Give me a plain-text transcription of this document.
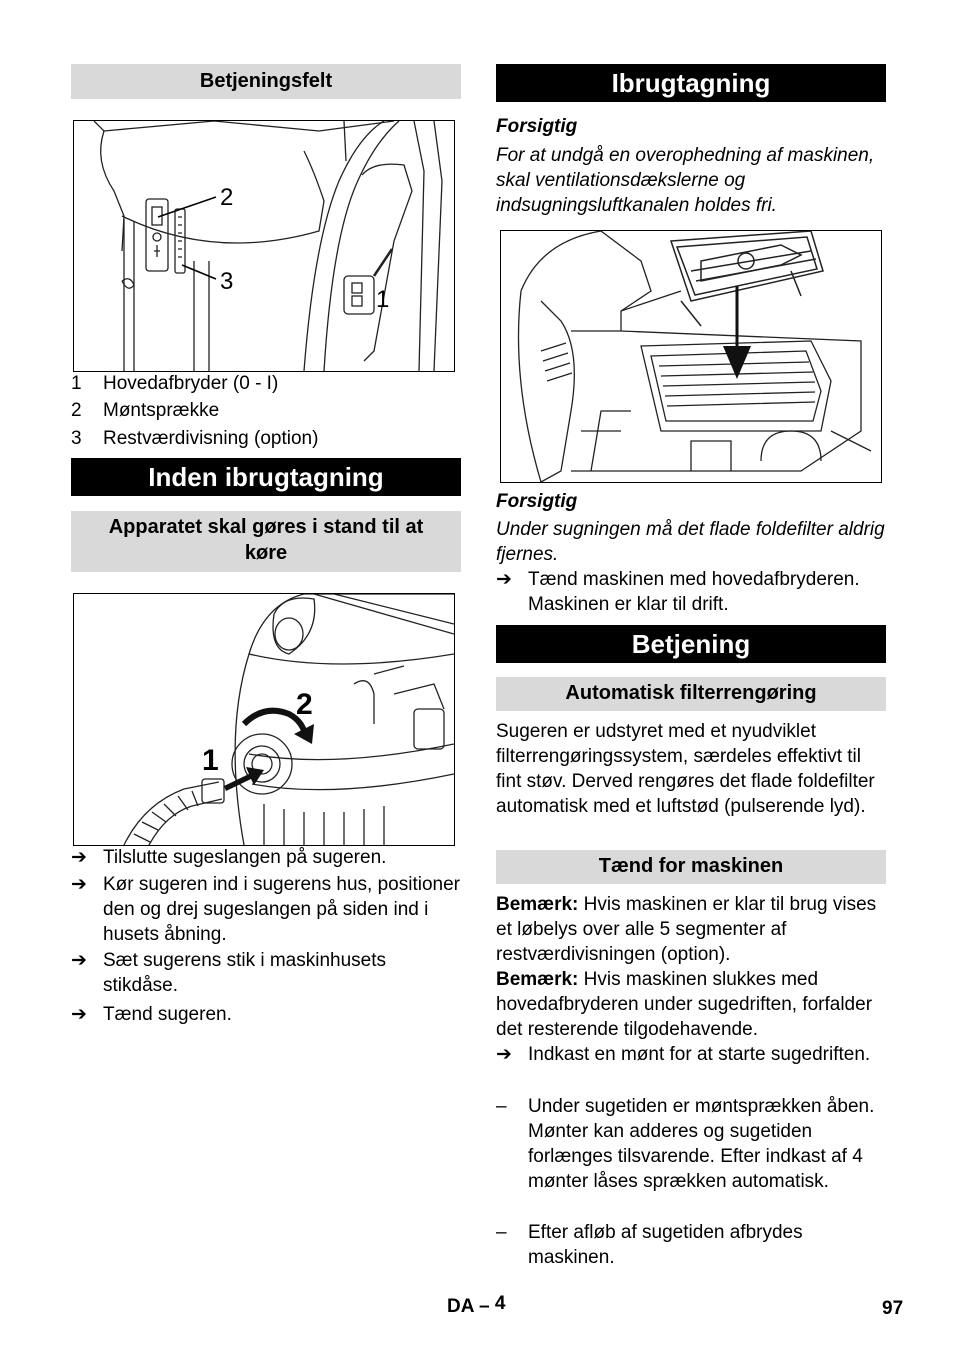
Betjeningsfelt
2
3
1
1 Hovedafbryder (0 - I)
2 Møntsprække
3 Restværdivisning (option)
Inden ibrugtagning
Apparatet skal gøres i stand til at
køre
1
2
➔ Tilslutte sugeslangen på sugeren.
➔ Kør sugeren ind i sugerens hus, positioner den og drej sugeslangen på siden ind i husets åbning.
➔ Sæt sugerens stik i maskinhusets stikdåse.
➔ Tænd sugeren.
Ibrugtagning
Forsigtig
For at undgå en overophedning af maskinen, skal ventilationsdækslerne og indsugningsluftkanalen holdes fri.
Forsigtig
Under sugningen må det flade foldefilter aldrig fjernes.
➔ Tænd maskinen med hovedafbryderen. Maskinen er klar til drift.
Betjening
Automatisk filterrengøring
Sugeren er udstyret med et nyudviklet filterrengøringssystem, særdeles effektivt til fint støv. Derved rengøres det flade foldefilter automatisk med et luftstød (pulserende lyd).
Tænd for maskinen
Bemærk: Hvis maskinen er klar til brug vises et løbelys over alle 5 segmenter af restværdivisningen (option).
Bemærk: Hvis maskinen slukkes med hovedafbryderen under sugedriften, forfalder det resterende tilgodehavende.
➔ Indkast en mønt for at starte sugedriften.
– Under sugetiden er møntsprækken åben. Mønter kan adderes og sugetiden forlænges tilsvarende. Efter indkast af 4 mønter låses sprækken automatisk.
– Efter afløb af sugetiden afbrydes maskinen.
DA – 4	97
